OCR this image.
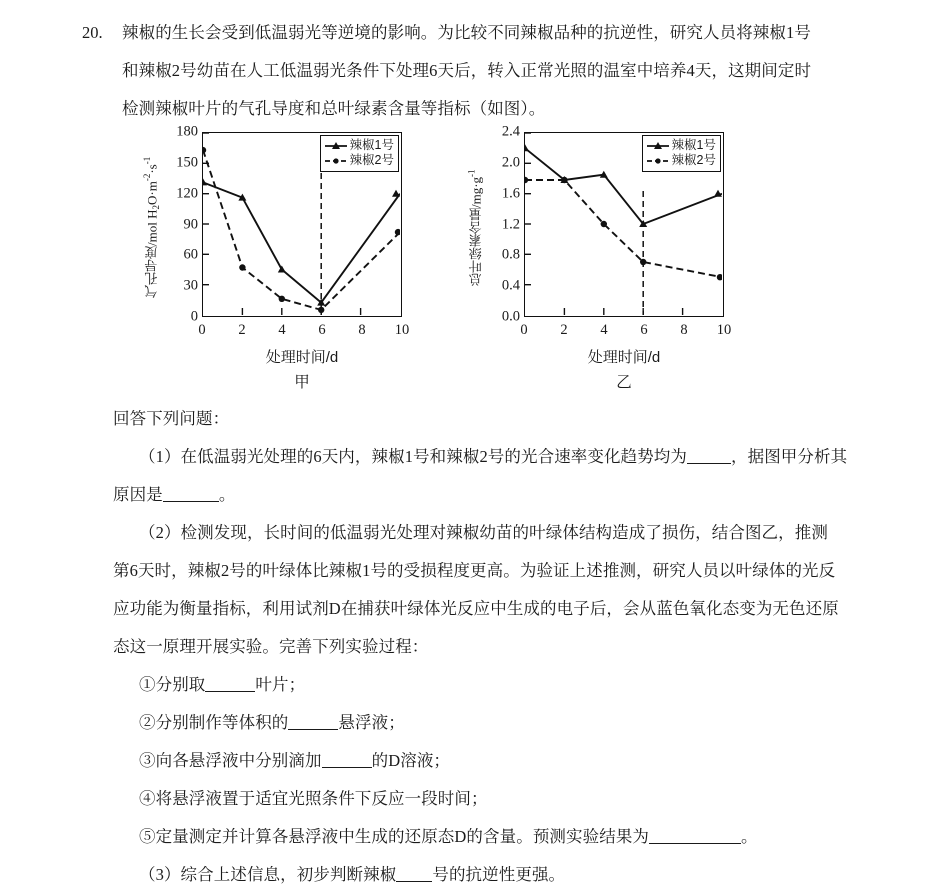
20.	辣椒的生长会受到低温弱光等逆境的影响。为比较不同辣椒品种的抗逆性，研究人员将辣椒1号
和辣椒2号幼苗在人工低温弱光条件下处理6天后，转入正常光照的温室中培养4天，这期间定时
检测辣椒叶片的气孔导度和总叶绿素含量等指标（如图）。
气孔导度/mol $H_2O\cdot m^{-2}\cdot s^{-1}$
180
150
120
90
60
30
0
辣椒1号
辣椒2号
0 2 4 6 8 10
处理时间/d
甲
总叶绿素含量$/mg\cdot g^{-1}$
2.4
2.0
1.6
1.2
0.8
0.4
0.0
辣椒1号
辣椒2号
0 2 4 6 8 10
处理时间/d
乙
回答下列问题：
（1）在低温弱光处理的6天内，辣椒1号和辣椒2号的光合速率变化趋势均为	，据图甲分析其
原因是	。
（2）检测发现，长时间的低温弱光处理对辣椒幼苗的叶绿体结构造成了损伤，结合图乙，推测
第6天时，辣椒2号的叶绿体比辣椒1号的受损程度更高。为验证上述推测，研究人员以叶绿体的光反
应功能为衡量指标，利用试剂D在捕获叶绿体光反应中生成的电子后，会从蓝色氧化态变为无色还原
态这一原理开展实验。完善下列实验过程：
①分别取	叶片；
②分别制作等体积的	悬浮液；
③向各悬浮液中分别滴加	的D溶液；
④将悬浮液置于适宜光照条件下反应一段时间；
⑤定量测定并计算各悬浮液中生成的还原态D的含量。预测实验结果为	。
（3）综合上述信息，初步判断辣椒 号的抗逆性更强。
